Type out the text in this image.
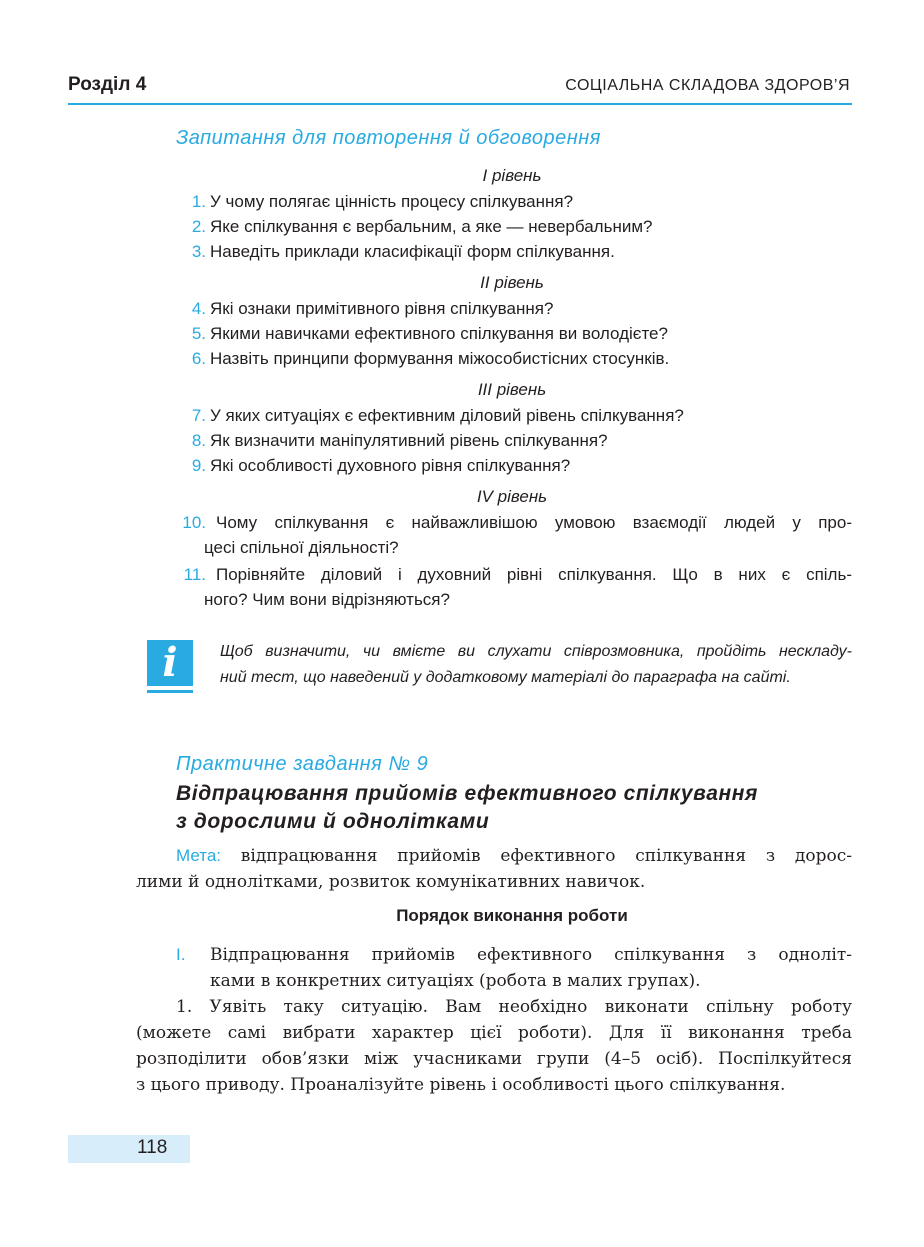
Розділ 4	СОЦІАЛЬНА СКЛАДОВА ЗДОРОВ’Я
Запитання для повторення й обговорення
І рівень
1. У чому полягає цінність процесу спілкування?
2. Яке спілкування є вербальним, а яке — невербальним?
3. Наведіть приклади класифікації форм спілкування.
ІІ рівень
4. Які ознаки примітивного рівня спілкування?
5. Якими навичками ефективного спілкування ви володієте?
6. Назвіть принципи формування міжособистісних стосунків.
ІІІ рівень
7. У яких ситуаціях є ефективним діловий рівень спілкування?
8. Як визначити маніпулятивний рівень спілкування?
9. Які особливості духовного рівня спілкування?
IV рівень
10. Чому спілкування є найважливішою умовою взаємодії людей у про-
цесі спільної діяльності?
11. Порівняйте діловий і духовний рівні спілкування. Що в них є спіль-
ного? Чим вони відрізняються?
i	Щоб визначити, чи вмієте ви слухати співрозмовника, пройдіть нескладу-
ний тест, що наведений у додатковому матеріалі до параграфа на сайті.
Практичне завдання № 9
Відпрацювання прийомів ефективного спілкування
з дорослими й однолітками
Мета: відпрацювання прийомів ефективного спілкування з дорос-
лими й однолітками, розвиток комунікативних навичок.
Порядок виконання роботи
І.	Відпрацювання прийомів ефективного спілкування з одноліт-
ками в конкретних ситуаціях (робота в малих групах).
1. Уявіть таку ситуацію. Вам необхідно виконати спільну роботу
(можете самі вибрати характер цієї роботи). Для її виконання треба
розподілити обов’язки між учасниками групи (4–5 осіб). Поспілкуйтеся
з цього приводу. Проаналізуйте рівень і особливості цього спілкування.
118
